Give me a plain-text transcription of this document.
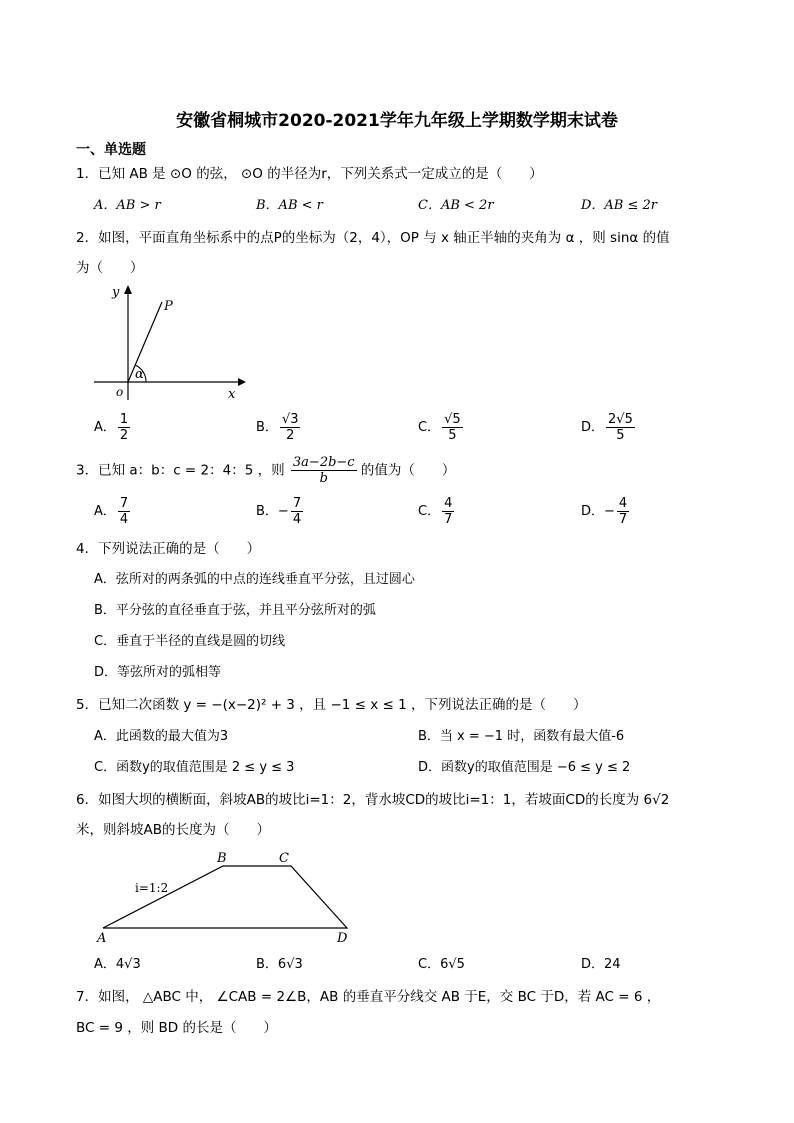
安徽省桐城市2020-2021学年九年级上学期数学期末试卷
一、单选题
1．已知 AB 是 ⊙O 的弦， ⊙O 的半径为r，下列关系式一定成立的是（　　）
A．AB > r	B．AB < r	C．AB < 2r	D．AB ≤ 2r
2．如图，平面直角坐标系中的点P的坐标为（2，4），OP 与 x 轴正半轴的夹角为 α ，则 sinα 的值
为（　　）
y
x
o
P
α
A． $\frac{1}{2}$	B． $\frac{√3}{2}$	C． $\frac{√5}{5}$	D． $\frac{2√5}{5}$
3．已知 a：b：c = 2：4：5 ，则 $\frac{3a-2b-c}{b}$ 的值为（　　）
A． $\frac{7}{4}$	B．− $\frac{7}{4}$	C． $\frac{4}{7}$	D．− $\frac{4}{7}$
4．下列说法正确的是（　　）
A．弦所对的两条弧的中点的连线垂直平分弦，且过圆心
B．平分弦的直径垂直于弦，并且平分弦所对的弧
C．垂直于半径的直线是圆的切线
D．等弦所对的弧相等
5．已知二次函数 y = −(x−2)² + 3 ，且 −1 ≤ x ≤ 1 ，下列说法正确的是（　　）
A．此函数的最大值为3	B．当 x = −1 时，函数有最大值-6
C．函数y的取值范围是 2 ≤ y ≤ 3	D．函数y的取值范围是 −6 ≤ y ≤ 2
6．如图大坝的横断面，斜坡AB的坡比i=1：2，背水坡CD的坡比i=1：1，若坡面CD的长度为 6√2
米，则斜坡AB的长度为（　　）
A
B	C
D
i=1:2
A．4√3	B．6√3	C．6√5	D．24
7．如图， △ABC 中， ∠CAB = 2∠B，AB 的垂直平分线交 AB 于E，交 BC 于D，若 AC = 6 ，
BC = 9 ，则 BD 的长是（　　）
